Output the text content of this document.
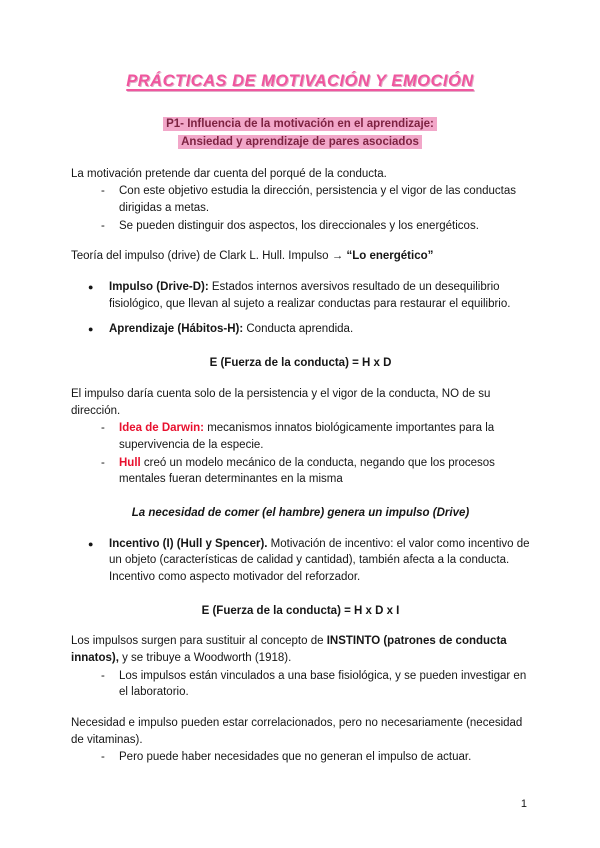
PRÁCTICAS DE MOTIVACIÓN Y EMOCIÓN
P1- Influencia de la motivación en el aprendizaje:
Ansiedad y aprendizaje de pares asociados

La motivación pretende dar cuenta del porqué de la conducta.

-	Con este objetivo estudia la dirección, persistencia y el vigor de las conductas dirigidas a metas.
-	Se pueden distinguir dos aspectos, los direccionales y los energéticos.

Teoría del impulso (drive) de Clark L. Hull. Impulso → “Lo energético”

●	Impulso (Drive-D): Estados internos aversivos resultado de un desequilibrio fisiológico, que llevan al sujeto a realizar conductas para restaurar el equilibrio.
●	Aprendizaje (Hábitos-H): Conducta aprendida.

E (Fuerza de la conducta) = H x D

El impulso daría cuenta solo de la persistencia y el vigor de la conducta, NO de su dirección.

-	Idea de Darwin: mecanismos innatos biológicamente importantes para la supervivencia de la especie.
-	Hull creó un modelo mecánico de la conducta, negando que los procesos mentales fueran determinantes en la misma

La necesidad de comer (el hambre) genera un impulso (Drive)

●	Incentivo (I) (Hull y Spencer). Motivación de incentivo: el valor como incentivo de un objeto (características de calidad y cantidad), también afecta a la conducta. Incentivo como aspecto motivador del reforzador.

E (Fuerza de la conducta) = H x D x I

Los impulsos surgen para sustituir al concepto de INSTINTO (patrones de conducta innatos), y se tribuye a Woodworth (1918).

-	Los impulsos están vinculados a una base fisiológica, y se pueden investigar en el laboratorio.

Necesidad e impulso pueden estar correlacionados, pero no necesariamente (necesidad de vitaminas).

-	Pero puede haber necesidades que no generan el impulso de actuar.
1
